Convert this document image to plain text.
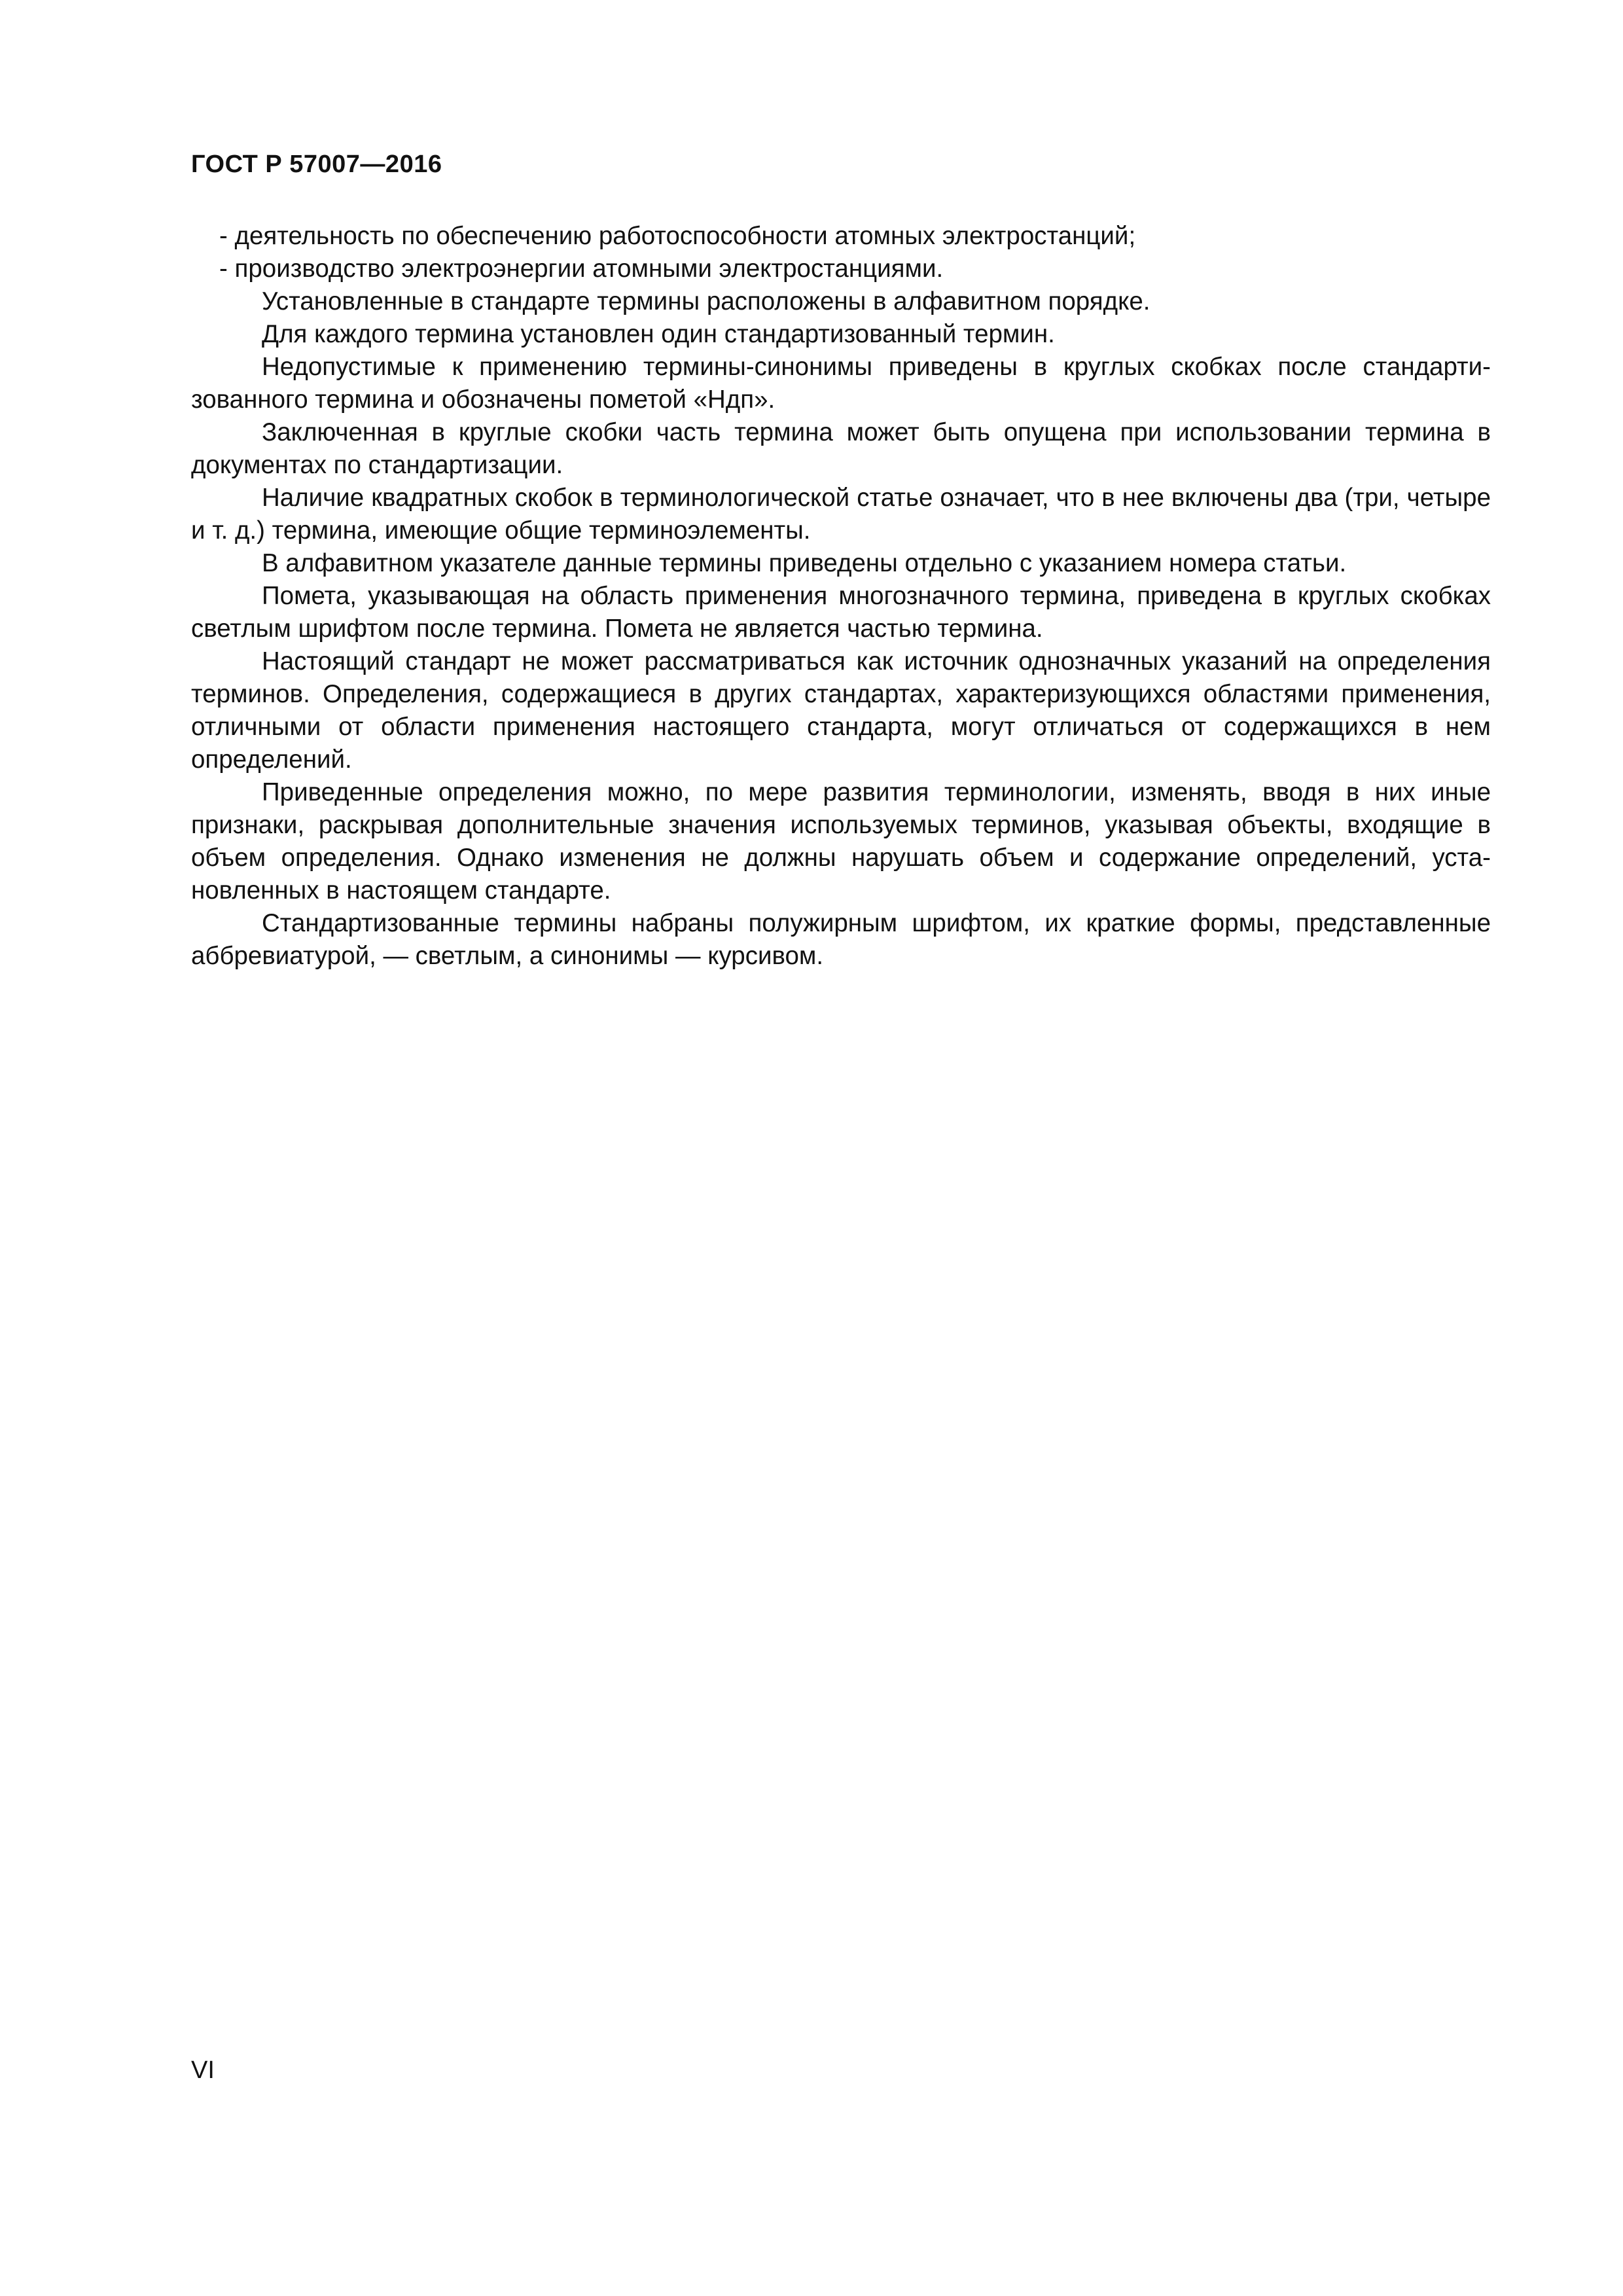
ГОСТ Р 57007—2016

- деятельность по обеспечению работоспособности атомных электростанций;

- производство электроэнергии атомными электростанциями.

Установленные в стандарте термины расположены в алфавитном порядке.

Для каждого термина установлен один стандартизованный термин.

Недопустимые к применению термины-синонимы приведены в круглых скобках после стандартизованного термина и обозначены пометой «Ндп».

Заключенная в круглые скобки часть термина может быть опущена при использовании термина в документах по стандартизации.

Наличие квадратных скобок в терминологической статье означает, что в нее включены два (три, четыре и т. д.) термина, имеющие общие терминоэлементы.

В алфавитном указателе данные термины приведены отдельно с указанием номера статьи.

Помета, указывающая на область применения многозначного термина, приведена в круглых скобках светлым шрифтом после термина. Помета не является частью термина.

Настоящий стандарт не может рассматриваться как источник однозначных указаний на определения терминов. Определения, содержащиеся в других стандартах, характеризующихся областями применения, отличными от области применения настоящего стандарта, могут отличаться от содержащихся в нем определений.

Приведенные определения можно, по мере развития терминологии, изменять, вводя в них иные признаки, раскрывая дополнительные значения используемых терминов, указывая объекты, входящие в объем определения. Однако изменения не должны нарушать объем и содержание определений, установленных в настоящем стандарте.

Стандартизованные термины набраны полужирным шрифтом, их краткие формы, представленные аббревиатурой, — светлым, а синонимы — курсивом.

VI
